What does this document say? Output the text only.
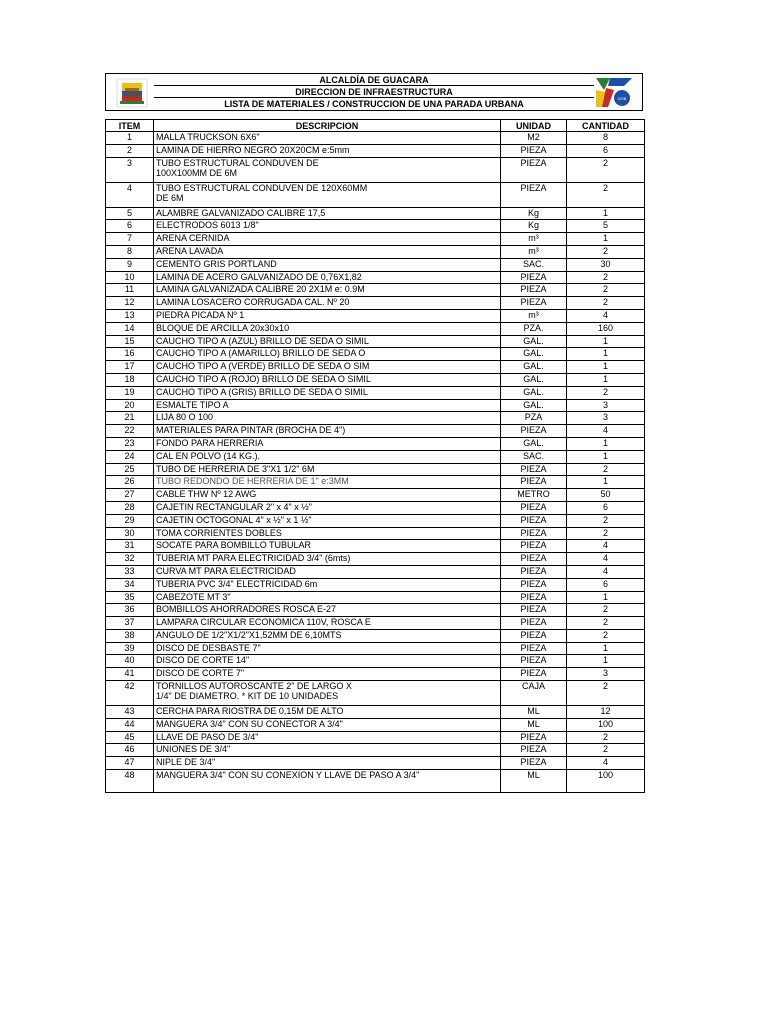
ALCALDÍA DE GUACARA
DIRECCION DE INFRAESTRUCTURA
LISTA DE MATERIALES / CONSTRUCCION DE UNA PARADA URBANA
GOB
ITEM	DESCRIPCION	UNIDAD	CANTIDAD
1	MALLA TRUCKSON 6X6"	M2	8
2	LAMINA DE HIERRO NEGRO 20X20CM e:5mm	PIEZA	6
3	TUBO ESTRUCTURAL CONDUVEN DE
100X100MM DE 6M	PIEZA	2
4	TUBO ESTRUCTURAL CONDUVEN DE 120X60MM
DE 6M	PIEZA	2
5	ALAMBRE GALVANIZADO CALIBRE 17,5	Kg	1
6	ELECTRODOS 6013 1/8"	Kg	5
7	ARENA CERNIDA	m³	1
8	ARENA LAVADA	m³	2
9	CEMENTO GRIS PORTLAND	SAC.	30
10	LAMINA DE ACERO GALVANIZADO DE 0,76X1,82	PIEZA	2
11	LAMINA GALVANIZADA CALIBRE 20 2X1M e: 0.9M	PIEZA	2
12	LAMINA LOSACERO CORRUGADA CAL. Nº 20	PIEZA	2
13	PIEDRA PICADA Nº 1	m³	4
14	BLOQUE DE ARCILLA 20x30x10	PZA.	160
15	CAUCHO TIPO A (AZUL) BRILLO DE SEDA O SIMIL	GAL.	1
16	CAUCHO TIPO A (AMARILLO) BRILLO DE SEDA O	GAL.	1
17	CAUCHO TIPO A (VERDE) BRILLO DE SEDA O SIM	GAL.	1
18	CAUCHO TIPO A (ROJO) BRILLO DE SEDA O SIMIL	GAL.	1
19	CAUCHO TIPO A (GRIS) BRILLO DE SEDA O SIMIL	GAL.	2
20	ESMALTE TIPO A	GAL.	3
21	LIJA 80 O 100	PZA	3
22	MATERIALES PARA PINTAR (BROCHA DE 4")	PIEZA	4
23	FONDO PARA HERRERIA	GAL.	1
24	CAL EN POLVO (14 KG.).	SAC.	1
25	TUBO DE HERRERIA DE 3"X1 1/2" 6M	PIEZA	2
26	TUBO REDONDO DE HERRERIA DE 1" e:3MM	PIEZA	1
27	CABLE THW Nº 12 AWG	METRO	50
28	CAJETIN RECTANGULAR 2" x 4" x ½"	PIEZA	6
29	CAJETIN OCTOGONAL 4" x ½" x 1 ½"	PIEZA	2
30	TOMA CORRIENTES DOBLES	PIEZA	2
31	SOCATE PARA BOMBILLO TUBULAR	PIEZA	4
32	TUBERIA MT PARA ELECTRICIDAD 3/4" (6mts)	PIEZA	4
33	CURVA MT PARA ELECTRICIDAD	PIEZA	4
34	TUBERIA PVC 3/4" ELECTRICIDAD 6m	PIEZA	6
35	CABEZOTE MT 3"	PIEZA	1
36	BOMBILLOS AHORRADORES ROSCA E-27	PIEZA	2
37	LAMPARA CIRCULAR ECONOMICA 110V, ROSCA E	PIEZA	2
38	ANGULO DE 1/2"X1/2"X1,52MM DE 6,10MTS	PIEZA	2
39	DISCO DE DESBASTE 7"	PIEZA	1
40	DISCO DE CORTE 14"	PIEZA	1
41	DISCO DE CORTE 7"	PIEZA	3
42	TORNILLOS AUTOROSCANTE 2" DE LARGO X
1/4" DE DIAMETRO. * KIT DE 10 UNIDADES	CAJA	2
43	CERCHA PARA RIOSTRA DE 0,15M DE ALTO	ML	12
44	MANGUERA 3/4" CON SU CONECTOR A 3/4"	ML	100
45	LLAVE DE PASO DE 3/4"	PIEZA	2
46	UNIONES DE 3/4"	PIEZA	2
47	NIPLE DE 3/4"	PIEZA	4
48	MANGUERA 3/4" CON SU CONEXION Y LLAVE DE PASO A 3/4"	ML	100
